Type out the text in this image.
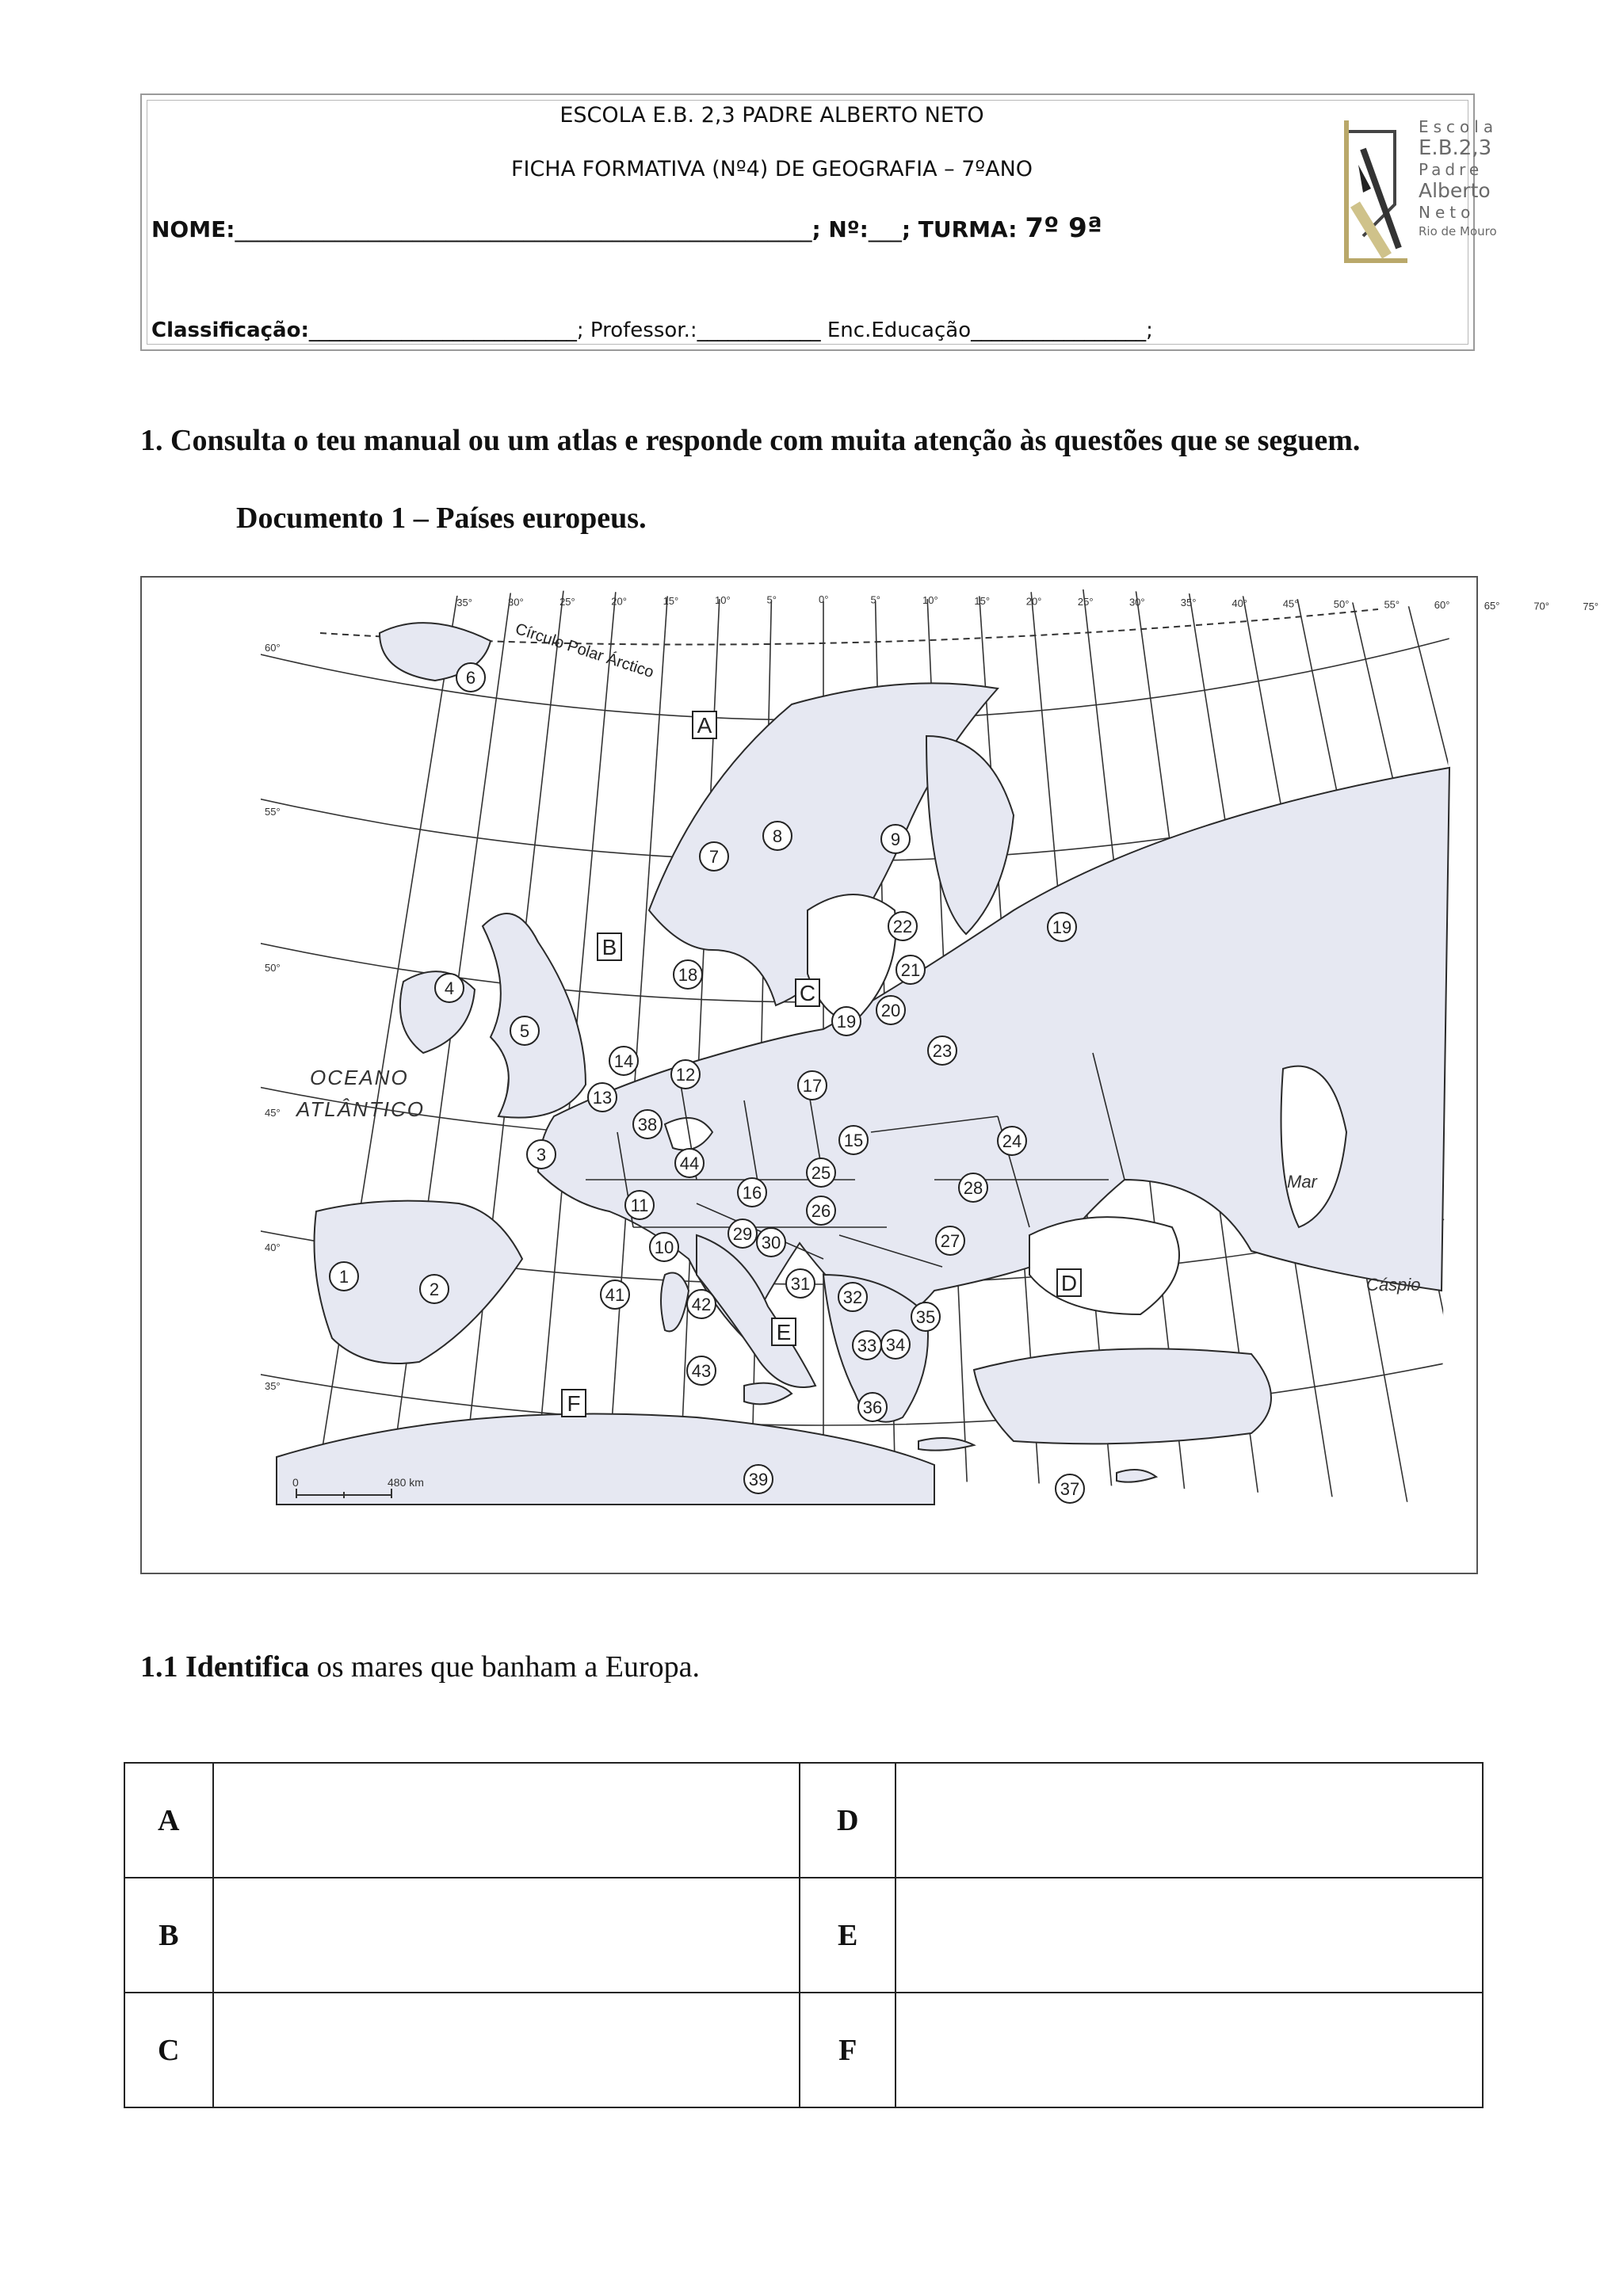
ESCOLA E.B. 2,3 PADRE ALBERTO NETO
FICHA FORMATIVA (Nº4) DE GEOGRAFIA – 7ºANO
NOME:____________________________________________________; Nº:___; TURMA: 7º 9ª
Classificação:__________________________; Professor.:____________ Enc.Educação_________________;
Escola
E.B.2,3
Padre
Alberto
Neto
Rio de Mouro
1. Consulta o teu manual ou um atlas e responde com muita atenção às questões que se seguem.
Documento 1 – Países europeus.
35°	30°	25°	20°	15°	10°	5°	0°	5°	10°	15°	20°	25°	30°	35°	40°	45°	50°	55°	60°	65°	70°	75°
60°
55°
50°
45°
40°
35°
Círculo Polar Árctico
OCEANO
ATLÂNTICO
Mar
Cáspio
0	480 km
A
B
C
D
E
F
1
2
3
4
5
6
7
8	9
10
11
12
13
14
15
16
17
18
19
19
20
21
22
23
24
25
26
27
28
29 30
31
32
33 34
35
36
37
38
39
41	42
43
44
1.1 Identifica os mares que banham a Europa.
A		D	
B		E	
C		F	
